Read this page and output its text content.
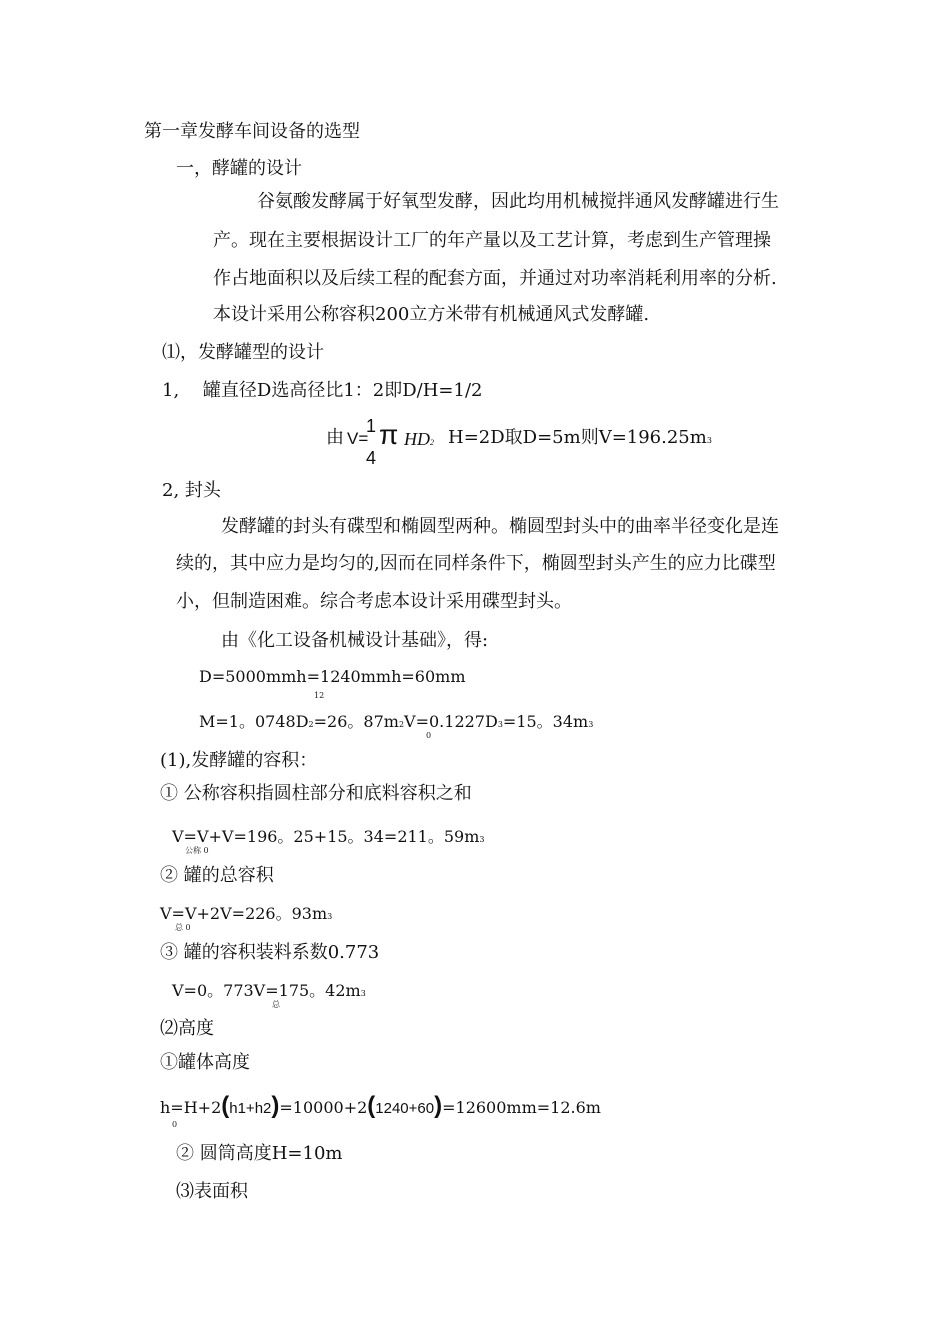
第一章发酵车间设备的选型
一，酵罐的设计
谷氨酸发酵属于好氧型发酵，因此均用机械搅拌通风发酵罐进行生
产。现在主要根据设计工厂的年产量以及工艺计算，考虑到生产管理操
作占地面积以及后续工程的配套方面，并通过对功率消耗利用率的分析.
本设计采用公称容积200立方米带有机械通风式发酵罐.
⑴，发酵罐型的设计
1,　 罐直径D选高径比1：2即D/H=1/2
由 V=
1
4
π HD2 H=2D取D=5m则V=196.25m3
2, 封头
发酵罐的封头有碟型和椭圆型两种。椭圆型封头中的曲率半径变化是连
续的，其中应力是均匀的,因而在同样条件下，椭圆型封头产生的应力比碟型
小，但制造困难。综合考虑本设计采用碟型封头。
由《化工设备机械设计基础》，得:
D=5000mmh=1240mmh=60mm
12
M=1。0748D2=26。87m2V=0.1227D3=15。34m3
0
(1),发酵罐的容积：
① 公称容积指圆柱部分和底料容积之和
V=V+V=196。25+15。34=211。59m3
公称 0
② 罐的总容积
V=V+2V=226。93m3
总 0
③ 罐的容积装料系数0.773
V=0。773V=175。42m3
总
⑵高度
①罐体高度
h=H+2(h1+h2)=10000+2(1240+60)=12600mm=12.6m
0
② 圆筒高度H=10m
⑶表面积
